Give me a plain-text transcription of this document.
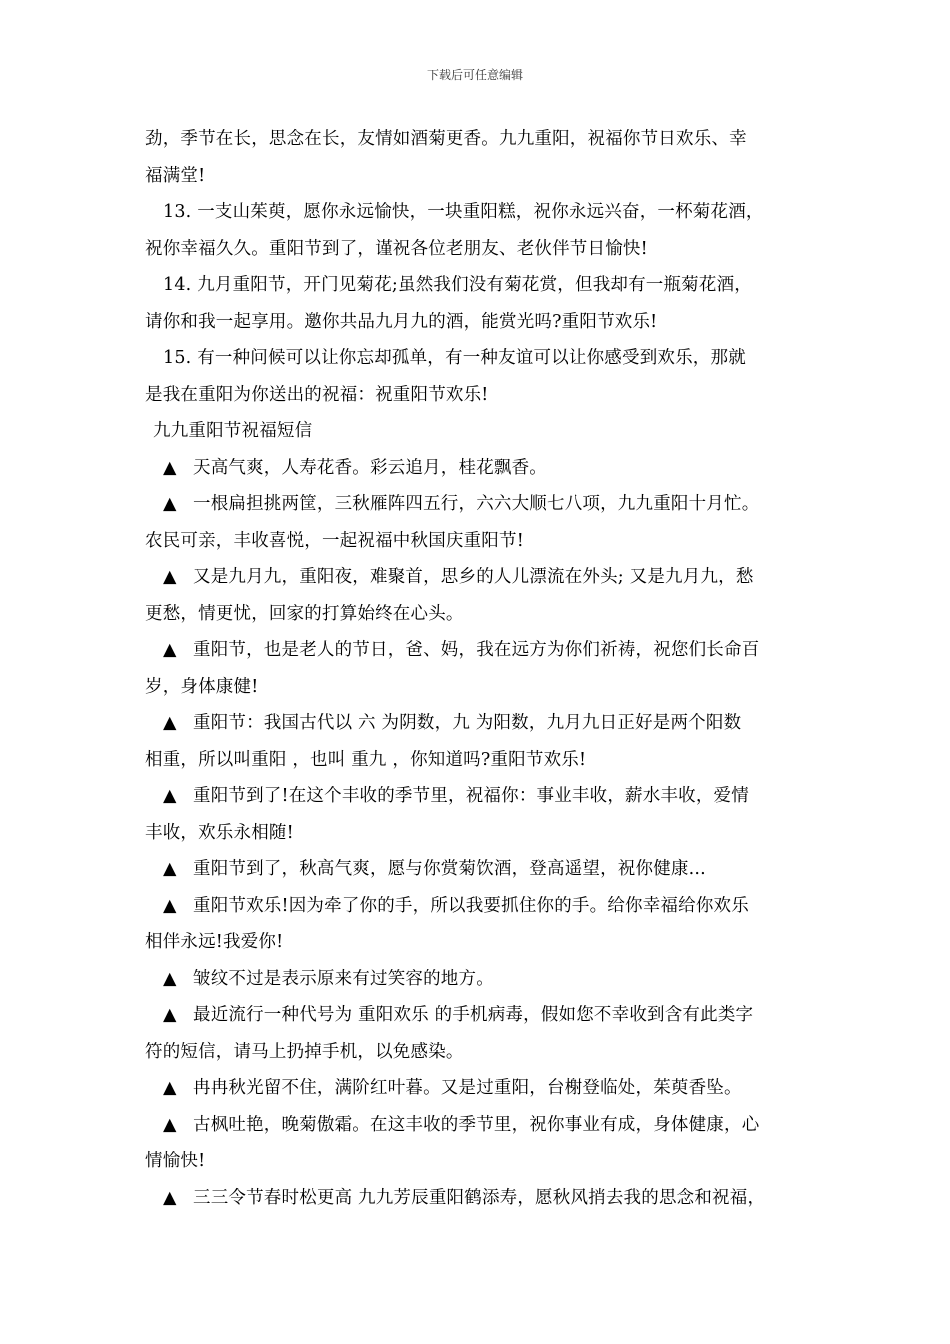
下载后可任意编辑
劲，季节在长，思念在长，友情如酒菊更香。九九重阳，祝福你节日欢乐、幸
福满堂!
13. 一支山茱萸，愿你永远愉快，一块重阳糕，祝你永远兴奋，一杯菊花酒，
祝你幸福久久。重阳节到了，谨祝各位老朋友、老伙伴节日愉快!
14. 九月重阳节，开门见菊花;虽然我们没有菊花赏，但我却有一瓶菊花酒，
请你和我一起享用。邀你共品九月九的酒，能赏光吗?重阳节欢乐!
15. 有一种问候可以让你忘却孤单，有一种友谊可以让你感受到欢乐，那就
是我在重阳为你送出的祝福：祝重阳节欢乐!
九九重阳节祝福短信
▲ 天高气爽，人寿花香。彩云追月，桂花飘香。
▲ 一根扁担挑两筐，三秋雁阵四五行，六六大顺七八项，九九重阳十月忙。
农民可亲，丰收喜悦，一起祝福中秋国庆重阳节!
▲ 又是九月九，重阳夜，难聚首，思乡的人儿漂流在外头; 又是九月九，愁
更愁，情更忧，回家的打算始终在心头。
▲ 重阳节，也是老人的节日，爸、妈，我在远方为你们祈祷，祝您们长命百
岁，身体康健!
▲ 重阳节：我国古代以 六 为阴数，九 为阳数，九月九日正好是两个阳数
相重，所以叫重阳 ，也叫 重九 ，你知道吗?重阳节欢乐!
▲ 重阳节到了!在这个丰收的季节里，祝福你：事业丰收，薪水丰收，爱情
丰收，欢乐永相随!
▲ 重阳节到了，秋高气爽，愿与你赏菊饮酒，登高遥望，祝你健康...
▲ 重阳节欢乐!因为牵了你的手，所以我要抓住你的手。给你幸福给你欢乐
相伴永远!我爱你!
▲ 皱纹不过是表示原来有过笑容的地方。
▲ 最近流行一种代号为 重阳欢乐 的手机病毒，假如您不幸收到含有此类字
符的短信，请马上扔掉手机，以免感染。
▲ 冉冉秋光留不住，满阶红叶暮。又是过重阳，台榭登临处，茱萸香坠。
▲ 古枫吐艳，晚菊傲霜。在这丰收的季节里，祝你事业有成，身体健康，心
情愉快!
▲ 三三令节春时松更高 九九芳辰重阳鹤添寿，愿秋风捎去我的思念和祝福，
